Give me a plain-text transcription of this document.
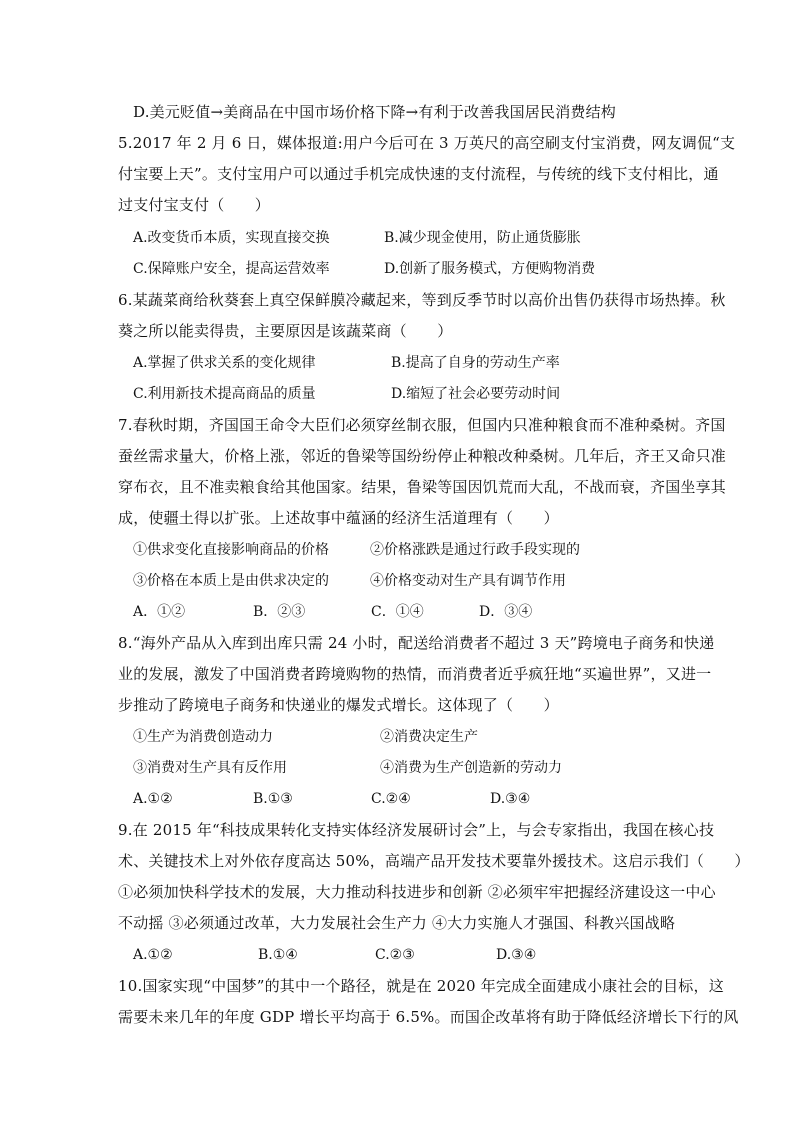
D.美元贬值→美商品在中国市场价格下降→有利于改善我国居民消费结构
5.2017 年 2 月 6 日，媒体报道:用户今后可在 3 万英尺的高空刷支付宝消费，网友调侃“支
付宝要上天”。支付宝用户可以通过手机完成快速的支付流程，与传统的线下支付相比，通
过支付宝支付（　　）
A.改变货币本质，实现直接交换	B.减少现金使用，防止通货膨胀
C.保障账户安全，提高运营效率	D.创新了服务模式，方便购物消费
6.某蔬菜商给秋葵套上真空保鲜膜冷藏起来，等到反季节时以高价出售仍获得市场热捧。秋
葵之所以能卖得贵，主要原因是该蔬菜商（　　）
A.掌握了供求关系的变化规律	B.提高了自身的劳动生产率
C.利用新技术提高商品的质量	D.缩短了社会必要劳动时间
7.春秋时期，齐国国王命令大臣们必须穿丝制衣服，但国内只准种粮食而不准种桑树。齐国
蚕丝需求量大，价格上涨，邻近的鲁梁等国纷纷停止种粮改种桑树。几年后，齐王又命只准
穿布衣，且不准卖粮食给其他国家。结果，鲁梁等国因饥荒而大乱，不战而衰，齐国坐享其
成，使疆土得以扩张。上述故事中蕴涵的经济生活道理有（　　）
①供求变化直接影响商品的价格	②价格涨跌是通过行政手段实现的
③价格在本质上是由供求决定的	④价格变动对生产具有调节作用
A．①②	B．②③	C．①④	D．③④
8.“海外产品从入库到出库只需 24 小时，配送给消费者不超过 3 天”跨境电子商务和快递
业的发展，激发了中国消费者跨境购物的热情，而消费者近乎疯狂地“买遍世界”，又进一
步推动了跨境电子商务和快递业的爆发式增长。这体现了（　　）
①生产为消费创造动力	②消费决定生产
③消费对生产具有反作用	④消费为生产创造新的劳动力
A.①②	B.①③	C.②④	D.③④
9.在 2015 年“科技成果转化支持实体经济发展研讨会”上，与会专家指出，我国在核心技
术、关键技术上对外依存度高达 50%，高端产品开发技术要靠外援技术。这启示我们（　　）
①必须加快科学技术的发展，大力推动科技进步和创新 ②必须牢牢把握经济建设这一中心
不动摇 ③必须通过改革，大力发展社会生产力 ④大力实施人才强国、科教兴国战略
A.①②	B.①④	C.②③	D.③④
10.国家实现“中国梦”的其中一个路径，就是在 2020 年完成全面建成小康社会的目标，这
需要未来几年的年度 GDP 增长平均高于 6.5%。而国企改革将有助于降低经济增长下行的风
